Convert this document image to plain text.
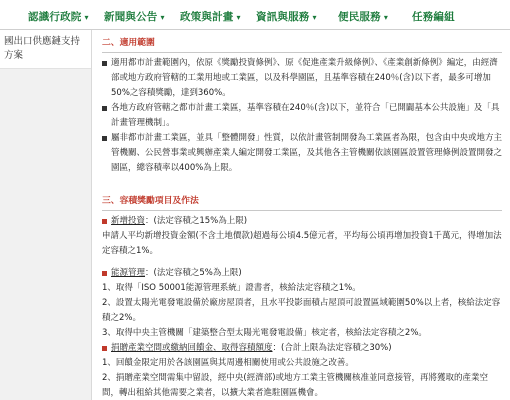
認識行政院 ▾ 新聞與公告 ▾ 政策與計畫 ▾ 資訊與服務 ▾ 便民服務 ▾ 任務編組
國出口供應鏈支持方案
二、適用範圍
適用都市計畫範圍內，依原《獎勵投資條例》、原《促進產業升級條例》、《產業創新條例》編定，由經濟部或地方政府管轄的工業用地或工業區，以及科學園區，且基準容積在240％(含)以下者，最多可增加50%之容積獎勵，達到360%。
各地方政府管轄之都市計畫工業區，基準容積在240％(含)以下，並符合「已開闢基本公共設施」及「具計畫管理機制」。
屬非都市計畫工業區，並具「整體開發」性質，以依計畫管制開發為工業區者為限，包含由中央或地方主管機關、公民營事業或興辦產業人編定開發工業區，及其他各主管機關依該園區設置管理條例設置開發之園區，總容積率以400%為上限。
三、容積獎勵項目及作法
新增投資：(法定容積之15%為上限)
申請人平均新增投資金額(不含土地價款)超過每公頃4.5億元者，平均每公頃再增加投資1千萬元，得增加法定容積之1%。
能源管理：(法定容積之5%為上限)
1、取得「ISO 50001能源管理系統」證書者，核給法定容積之1%。
2、設置太陽光電發電設備於廠房屋頂者，且水平投影面積占屋頂可設置區域範圍50%以上者，核給法定容積之2%。
3、取得中央主管機關「建築整合型太陽光電發電設備」核定者，核給法定容積之2%。
捐贈產業空間或繳納回饋金、取得容積額度：(合計上限為法定容積之30%)
1、回饋金限定用於各該園區與其周邊相關使用或公共設施之改善。
2、捐贈產業空間需集中留設，經中央(經濟部)或地方工業主管機關核准並同意接管，再將獲取的產業空間，轉出租給其他需要之業者，以擴大業者進駐園區機會。
